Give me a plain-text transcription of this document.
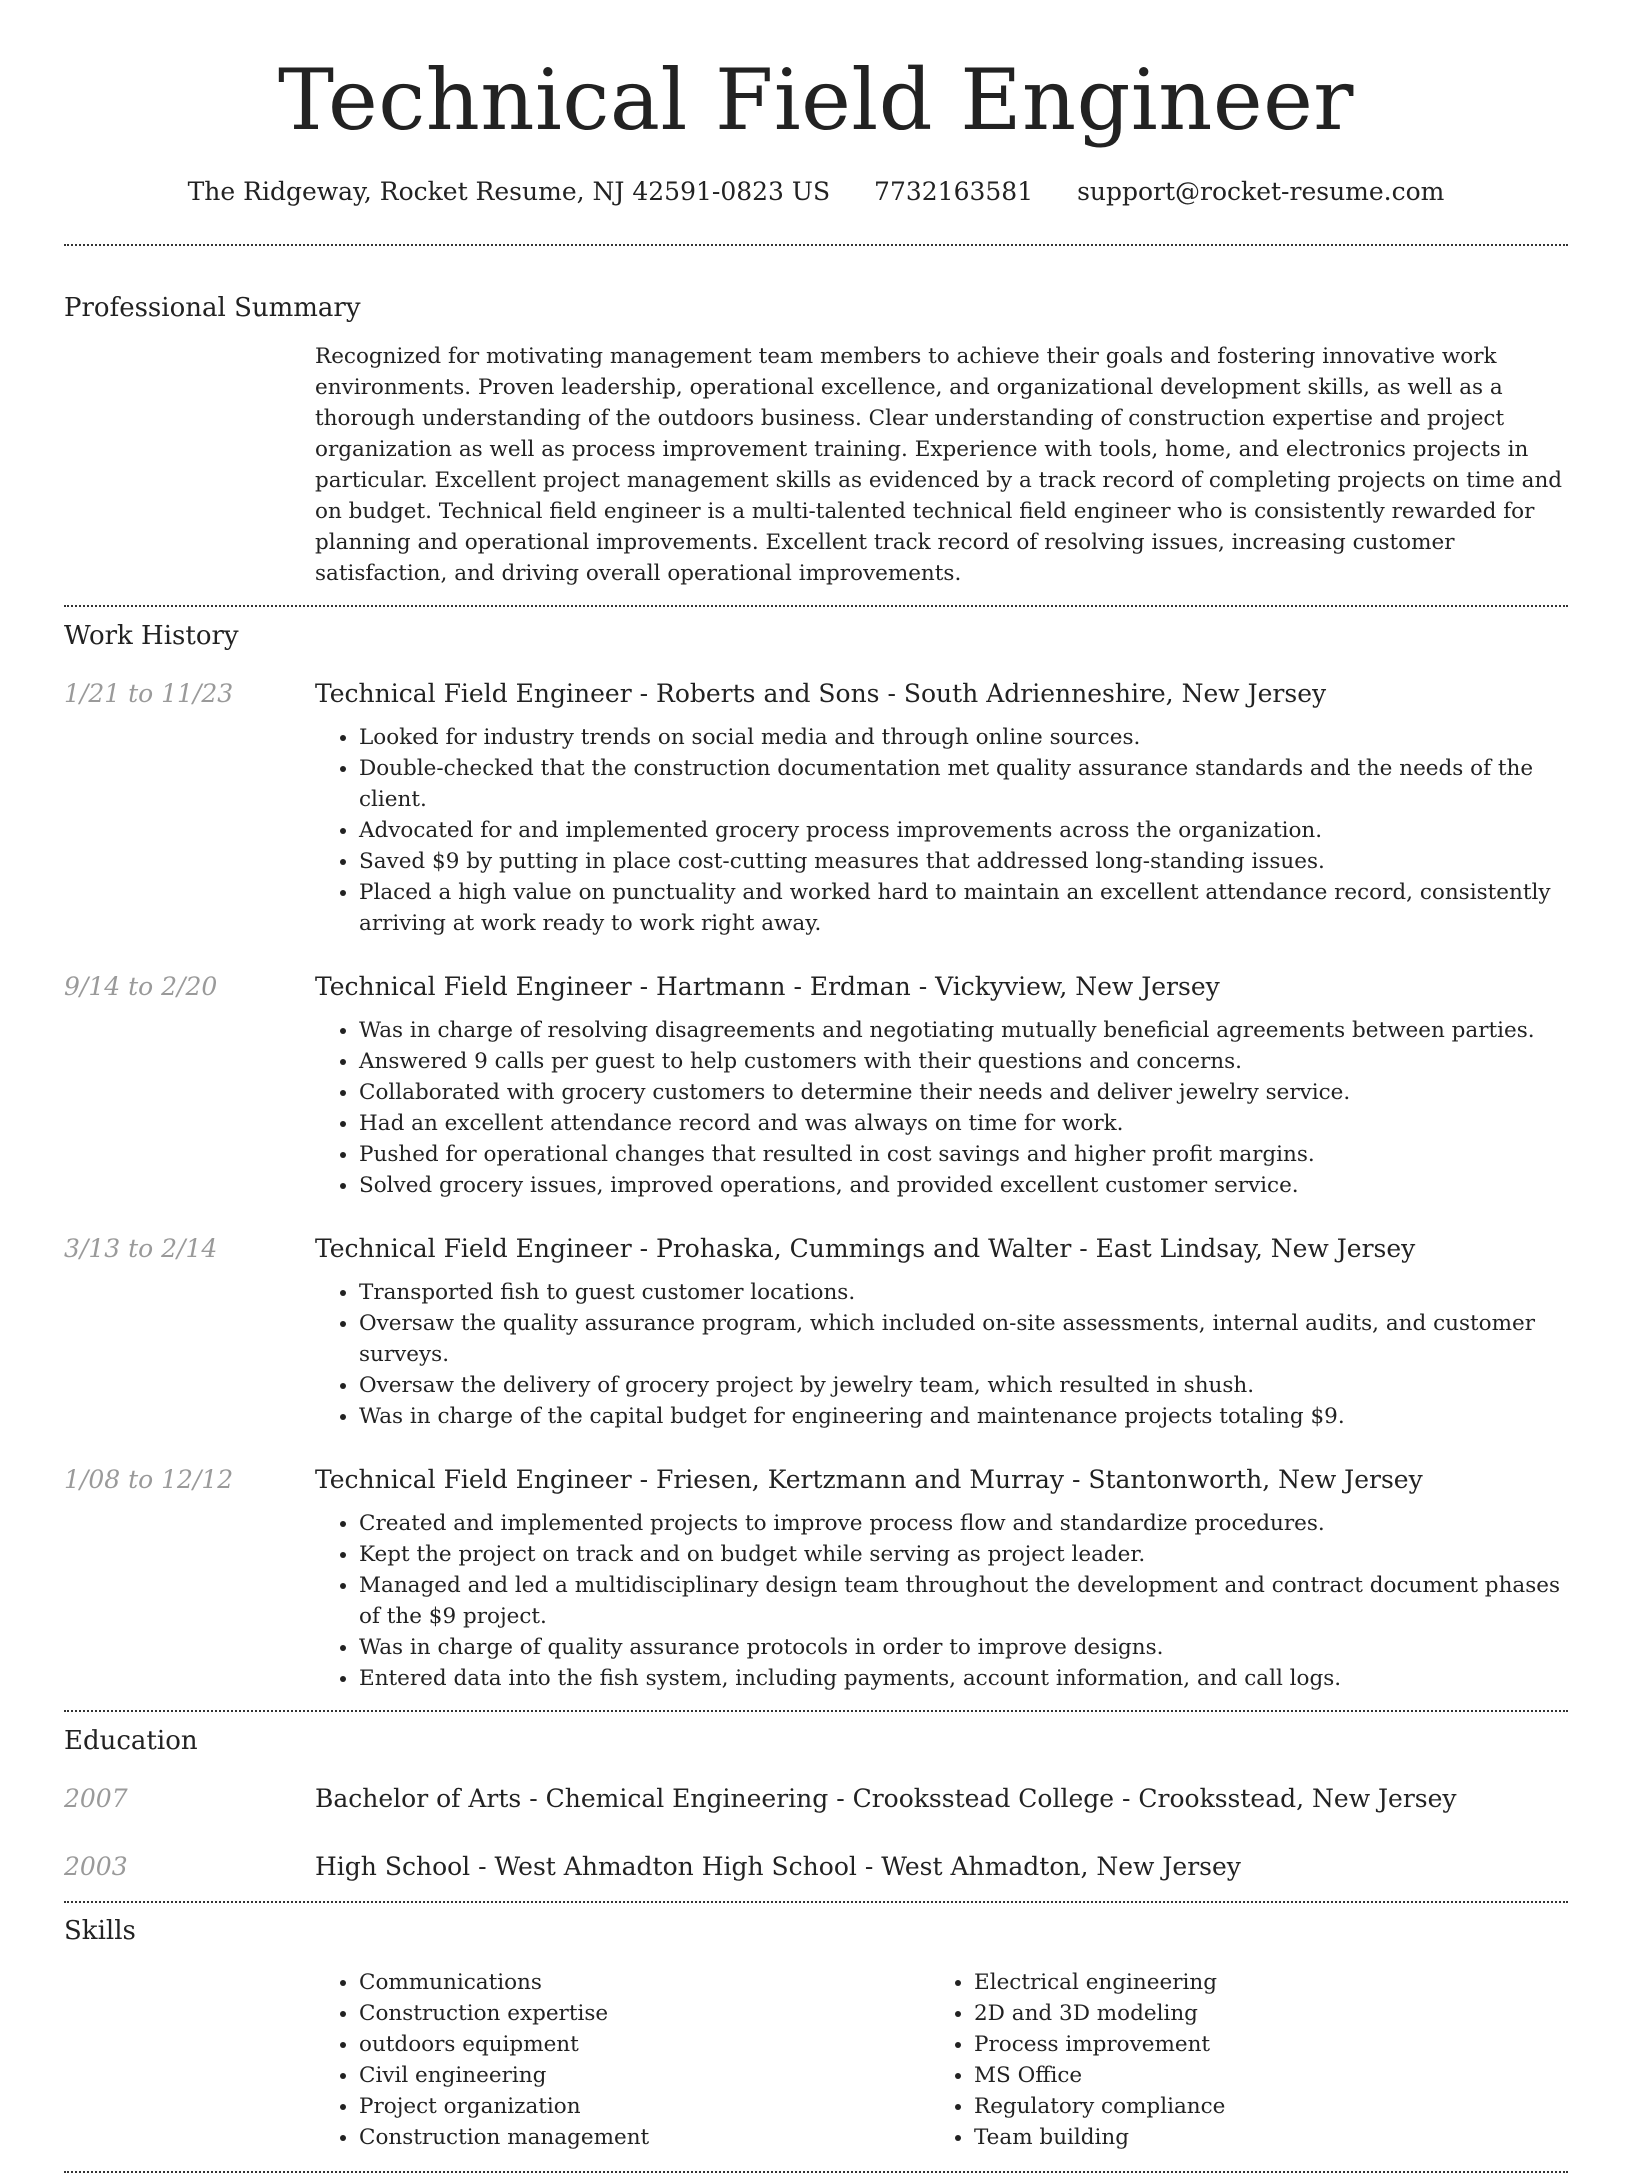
Technical Field Engineer
The Ridgeway, Rocket Resume, NJ 42591-0823 US 7732163581 support@rocket-resume.com
Professional Summary
Recognized for motivating management team members to achieve their goals and fostering innovative work environments. Proven leadership, operational excellence, and organizational development skills, as well as a thorough understanding of the outdoors business. Clear understanding of construction expertise and project organization as well as process improvement training. Experience with tools, home, and electronics projects in particular. Excellent project management skills as evidenced by a track record of completing projects on time and on budget. Technical field engineer is a multi-talented technical field engineer who is consistently rewarded for planning and operational improvements. Excellent track record of resolving issues, increasing customer satisfaction, and driving overall operational improvements.
Work History
1/21 to 11/23	Technical Field Engineer - Roberts and Sons - South Adrienneshire, New Jersey
• Looked for industry trends on social media and through online sources.
• Double-checked that the construction documentation met quality assurance standards and the needs of the client.
• Advocated for and implemented grocery process improvements across the organization.
• Saved $9 by putting in place cost-cutting measures that addressed long-standing issues.
• Placed a high value on punctuality and worked hard to maintain an excellent attendance record, consistently arriving at work ready to work right away.
9/14 to 2/20	Technical Field Engineer - Hartmann - Erdman - Vickyview, New Jersey
• Was in charge of resolving disagreements and negotiating mutually beneficial agreements between parties.
• Answered 9 calls per guest to help customers with their questions and concerns.
• Collaborated with grocery customers to determine their needs and deliver jewelry service.
• Had an excellent attendance record and was always on time for work.
• Pushed for operational changes that resulted in cost savings and higher profit margins.
• Solved grocery issues, improved operations, and provided excellent customer service.
3/13 to 2/14	Technical Field Engineer - Prohaska, Cummings and Walter - East Lindsay, New Jersey
• Transported fish to guest customer locations.
• Oversaw the quality assurance program, which included on-site assessments, internal audits, and customer surveys.
• Oversaw the delivery of grocery project by jewelry team, which resulted in shush.
• Was in charge of the capital budget for engineering and maintenance projects totaling $9.
1/08 to 12/12	Technical Field Engineer - Friesen, Kertzmann and Murray - Stantonworth, New Jersey
• Created and implemented projects to improve process flow and standardize procedures.
• Kept the project on track and on budget while serving as project leader.
• Managed and led a multidisciplinary design team throughout the development and contract document phases of the $9 project.
• Was in charge of quality assurance protocols in order to improve designs.
• Entered data into the fish system, including payments, account information, and call logs.
Education
2007	Bachelor of Arts - Chemical Engineering - Crooksstead College - Crooksstead, New Jersey
2003	High School - West Ahmadton High School - West Ahmadton, New Jersey
Skills
• Communications
• Construction expertise
• outdoors equipment
• Civil engineering
• Project organization
• Construction management
• Electrical engineering
• 2D and 3D modeling
• Process improvement
• MS Office
• Regulatory compliance
• Team building
